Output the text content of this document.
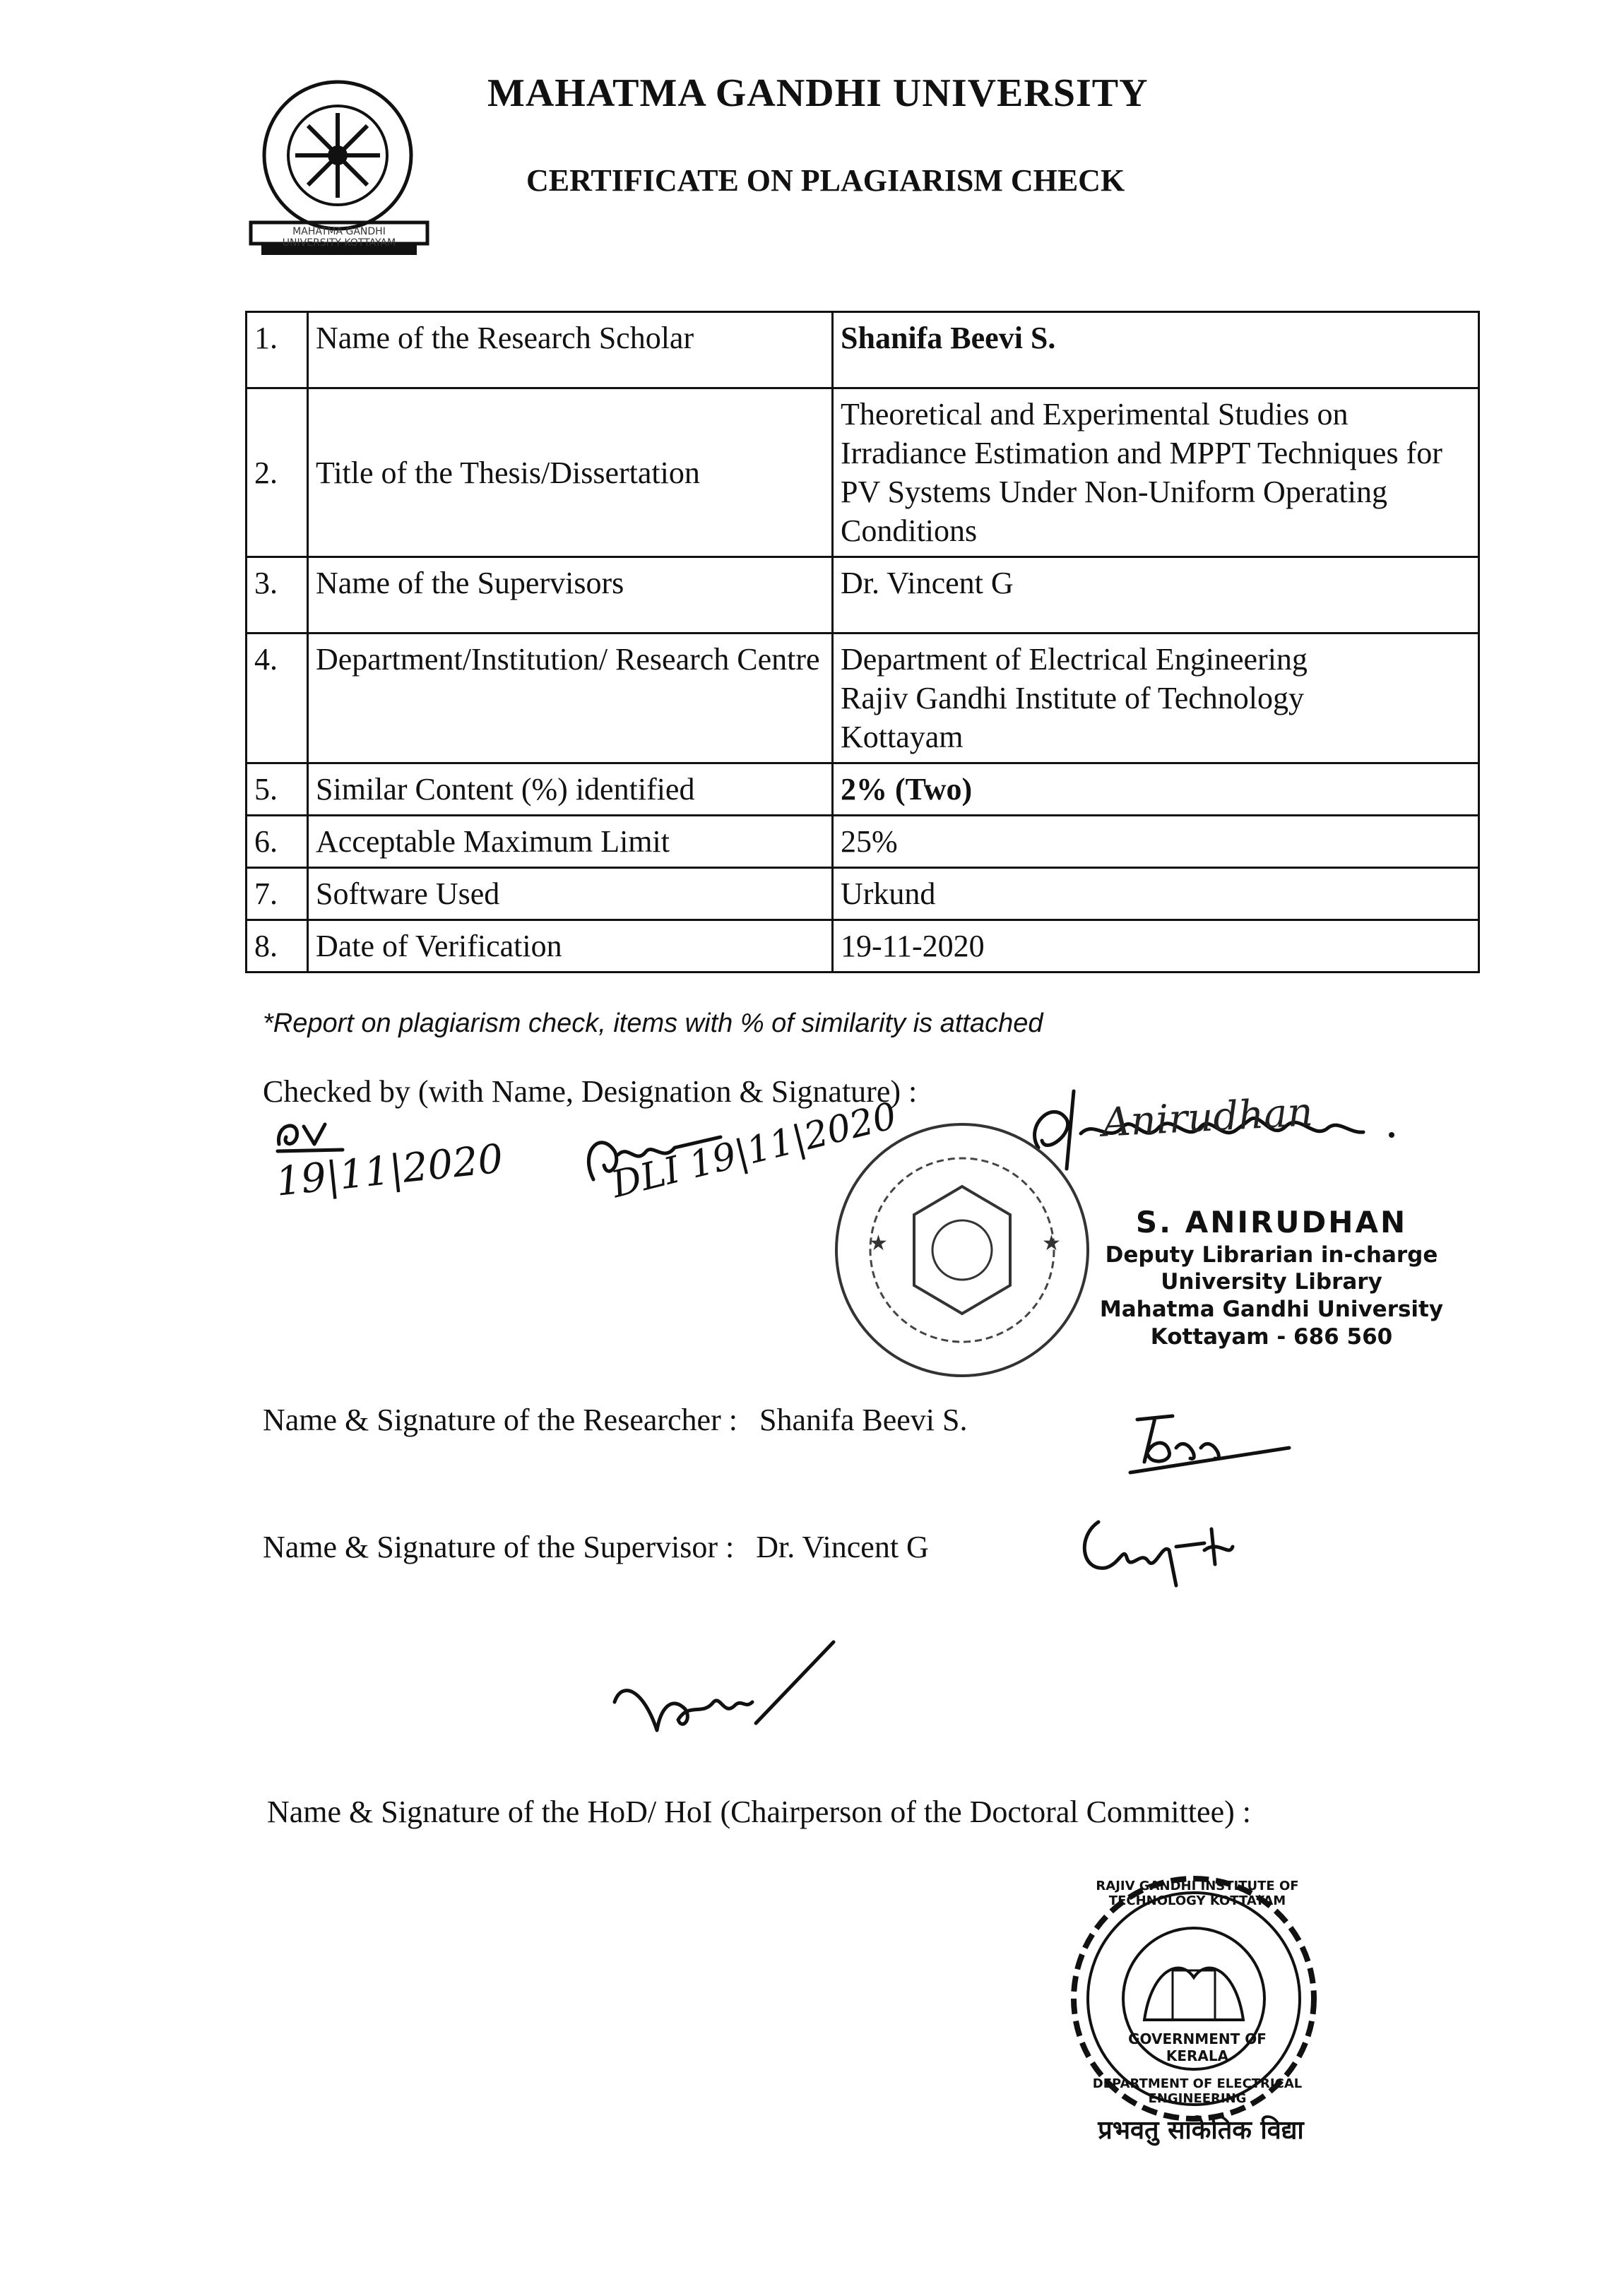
MAHATMA GANDHI UNIVERSITY KOTTAYAM
MAHATMA GANDHI UNIVERSITY
CERTIFICATE ON PLAGIARISM CHECK
1.	Name of the Research Scholar	Shanifa Beevi S.
2.	Title of the Thesis/Dissertation	Theoretical and Experimental Studies on Irradiance Estimation and MPPT Techniques for PV Systems Under Non-Uniform Operating Conditions
3.	Name of the Supervisors	Dr. Vincent G
4.	Department/Institution/ Research Centre	Department of Electrical Engineering
Rajiv Gandhi Institute of Technology
Kottayam

5.	Similar Content (%) identified	2% (Two)
6.	Acceptable Maximum Limit	25%
7.	Software Used	Urkund
8.	Date of Verification	19-11-2020
*Report on plagiarism check, items with % of similarity is attached
Checked by (with Name, Designation & Signature) :
19|11|2020	DLI 19|11|2020	Anirudhan
★	★
S. ANIRUDHAN
Deputy Librarian in-charge
University Library
Mahatma Gandhi University
Kottayam - 686 560
Name & Signature of the Researcher : Shanifa Beevi S.
Name & Signature of the Supervisor : Dr. Vincent G
Name & Signature of the HoD/ HoI (Chairperson of the Doctoral Committee) :
RAJIV GANDHI INSTITUTE OF TECHNOLOGY KOTTAYAM
GOVERNMENT OF KERALA
DEPARTMENT OF ELECTRICAL ENGINEERING
प्रभवतु सांकेतिक विद्या
